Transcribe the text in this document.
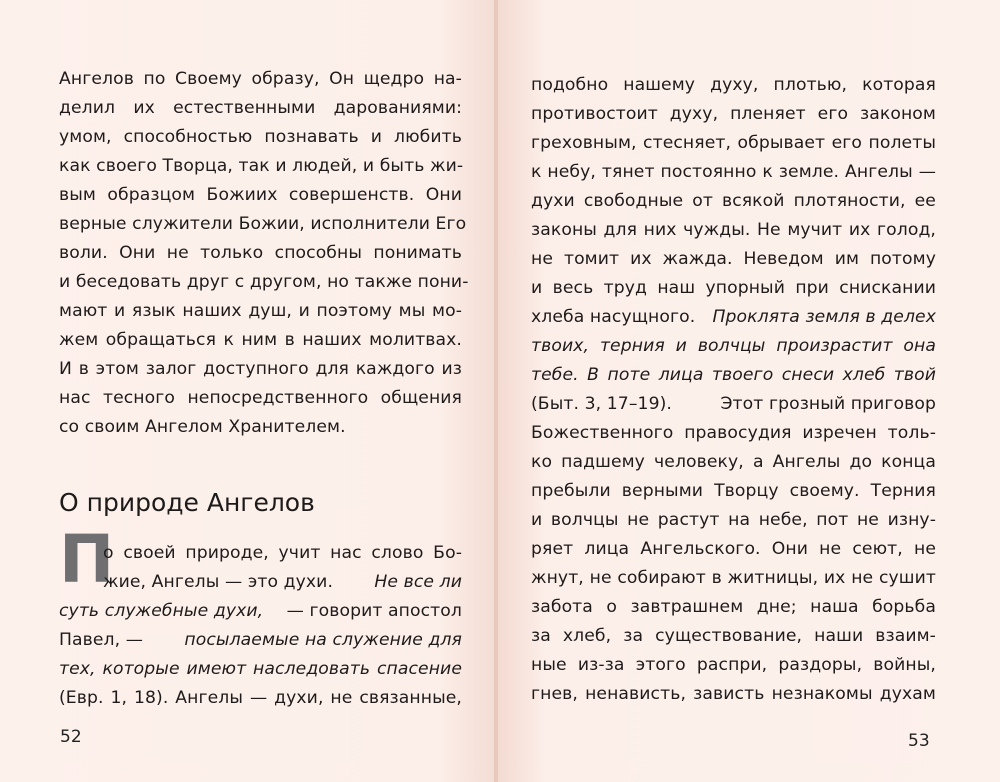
Ангелов по Своему образу, Он щедро на-
делил их естественными дарованиями:
умом, способностью познавать и любить
как своего Творца, так и людей, и быть жи-
вым образцом Божиих совершенств. Они
верные служители Божии, исполнители Его
воли. Они не только способны понимать
и беседовать друг с другом, но также пони-
мают и язык наших душ, и поэтому мы мо-
жем обращаться к ним в наших молитвах.
И в этом залог доступного для каждого из
нас тесного непосредственного общения
со своим Ангелом Хранителем.
О природе Ангелов
П
о своей природе, учит нас слово Бо-
жие, Ангелы — это духи. Не все ли
суть служебные духи, — говорит апостол
Павел, — посылаемые на служение для
тех, которые имеют наследовать спасение
(Евр. 1, 18). Ангелы — духи, не связанные,
52
подобно нашему духу, плотью, которая
противостоит духу, пленяет его законом
греховным, стесняет, обрывает его полеты
к небу, тянет постоянно к земле. Ангелы —
духи свободные от всякой плотяности, ее
законы для них чужды. Не мучит их голод,
не томит их жажда. Неведом им потому
и весь труд наш упорный при снискании
хлеба насущного. Проклята земля в делех
твоих, терния и волчцы произрастит она
тебе. В поте лица твоего снеси хлеб твой
(Быт. 3, 17–19).	Этот грозный приговор
Божественного правосудия изречен толь-
ко падшему человеку, а Ангелы до конца
пребыли верными Творцу своему. Терния
и волчцы не растут на небе, пот не изну-
ряет лица Ангельского. Они не сеют, не
жнут, не собирают в житницы, их не сушит
забота о завтрашнем дне; наша борьба
за хлеб, за существование, наши взаим-
ные из-за этого распри, раздоры, войны,
гнев, ненависть, зависть незнакомы духам
53
